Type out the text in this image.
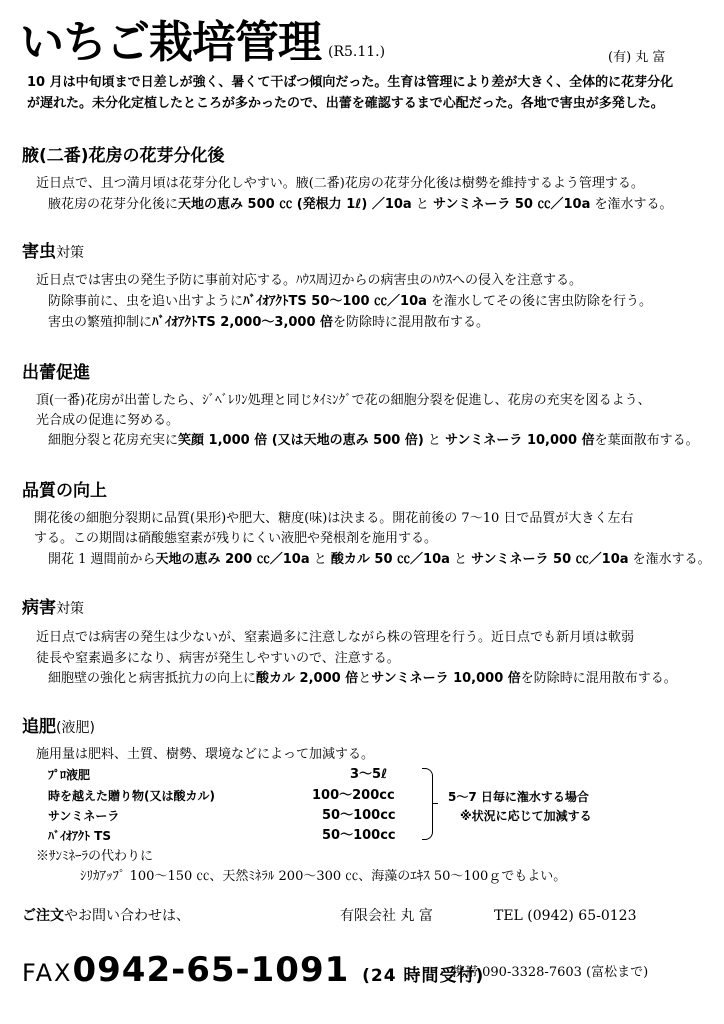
いちご栽培管理 (R5.11.)	(有) 丸 富
10 月は中旬頃まで日差しが強く、暑くて干ばつ傾向だった。生育は管理により差が大きく、全体的に花芽分化
が遅れた。未分化定植したところが多かったので、出蕾を確認するまで心配だった。各地で害虫が多発した。
腋(二番)花房の花芽分化後
近日点で、且つ満月頃は花芽分化しやすい。腋(二番)花房の花芽分化後は樹勢を維持するよう管理する。
腋花房の花芽分化後に天地の恵み 500 ㏄ (発根力 1ℓ) ／10a と サンミネーラ 50 ㏄／10a を潅水する。
害虫対策
近日点では害虫の発生予防に事前対応する。ﾊｳｽ周辺からの病害虫のﾊｳｽへの侵入を注意する。
防除事前に、虫を追い出すようにﾊﾞｲｵｱｸﾄTS 50～100 ㏄／10a を潅水してその後に害虫防除を行う。
害虫の繁殖抑制にﾊﾞｲｵｱｸﾄTS 2,000～3,000 倍を防除時に混用散布する。
出蕾促進
頂(一番)花房が出蕾したら、ｼﾞﾍﾞﾚﾘﾝ処理と同じﾀｲﾐﾝｸﾞで花の細胞分裂を促進し、花房の充実を図るよう、
光合成の促進に努める。
細胞分裂と花房充実に笑顔 1,000 倍 (又は天地の恵み 500 倍) と サンミネーラ 10,000 倍を葉面散布する。
品質の向上
開花後の細胞分裂期に品質(果形)や肥大、糖度(味)は決まる。開花前後の 7～10 日で品質が大きく左右
する。この期間は硝酸態窒素が残りにくい液肥や発根剤を施用する。
開花 1 週間前から天地の恵み 200 ㏄／10a と 酸カル 50 ㏄／10a と サンミネーラ 50 ㏄／10a を潅水する。
病害対策
近日点では病害の発生は少ないが、窒素過多に注意しながら株の管理を行う。近日点でも新月頃は軟弱
徒長や窒素過多になり、病害が発生しやすいので、注意する。
細胞壁の強化と病害抵抗力の向上に酸カル 2,000 倍とサンミネーラ 10,000 倍を防除時に混用散布する。
追肥(液肥)
施用量は肥料、土質、樹勢、環境などによって加減する。
ﾌﾟﾛ液肥	3～5ℓ
時を越えた贈り物(又は酸カル)	100～200cc
サンミネーラ	50～100cc
ﾊﾞｲｵｱｸﾄ TS	50～100cc
5～7 日毎に潅水する場合
※状況に応じて加減する
※ｻﾝﾐﾈｰﾗの代わりに
ｼﾘｶｱｯﾌﾟ 100～150 ㏄、天然ﾐﾈﾗﾙ 200～300 ㏄、海藻のｴｷｽ 50～100ｇでもよい。
ご注文やお問い合わせは、	有限会社 丸 富	TEL (0942) 65-0123
FAX0942-65-1091 (24 時間受付)
携帯 090-3328-7603 (富松まで)
